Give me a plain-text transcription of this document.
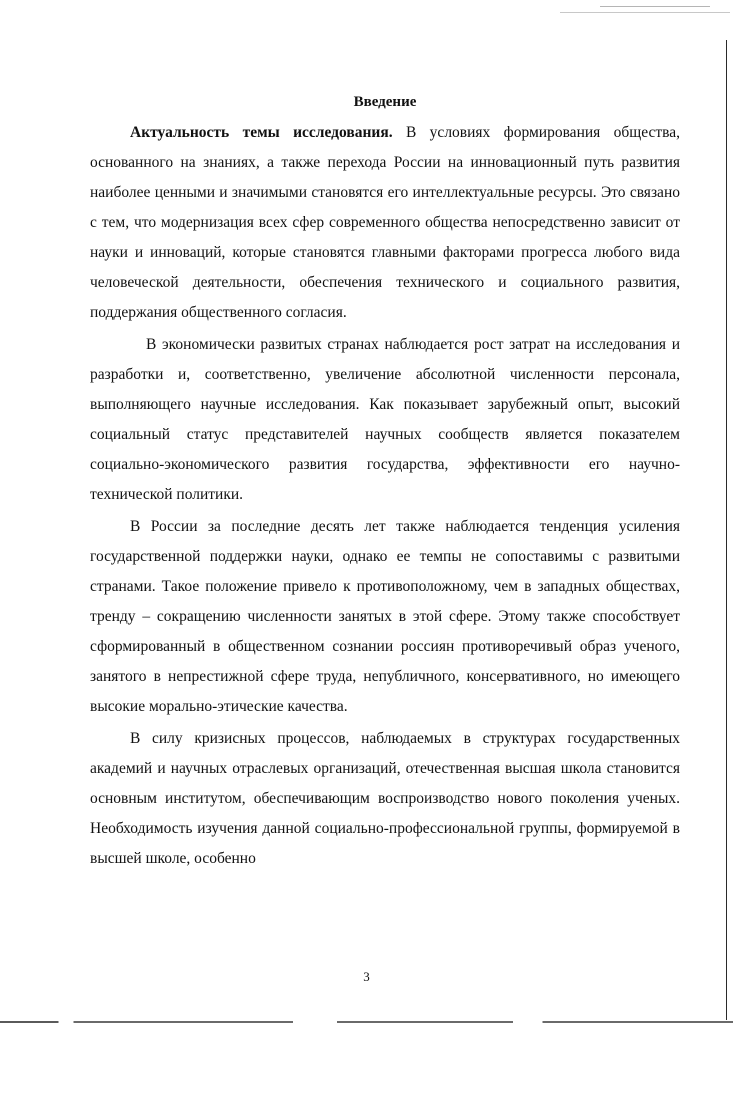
Введение

Актуальность темы исследования. В условиях формирования общества, основанного на знаниях, а также перехода России на инновационный путь развития наиболее ценными и значимыми становятся его интеллектуальные ресурсы. Это связано с тем, что модернизация всех сфер современного общества непосредственно зависит от науки и инноваций, которые становятся главными факторами прогресса любого вида человеческой деятельности, обеспечения технического и социального развития, поддержания общественного согласия.

В экономически развитых странах наблюдается рост затрат на исследования и разработки и, соответственно, увеличение абсолютной численности персонала, выполняющего научные исследования. Как показывает зарубежный опыт, высокий социальный статус представителей научных сообществ является показателем социально-экономического развития государства, эффективности его научно-технической политики.

В России за последние десять лет также наблюдается тенденция усиления государственной поддержки науки, однако ее темпы не сопоставимы с развитыми странами. Такое положение привело к противоположному, чем в западных обществах, тренду – сокращению численности занятых в этой сфере. Этому также способствует сформированный в общественном сознании россиян противоречивый образ ученого, занятого в непрестижной сфере труда, непубличного, консервативного, но имеющего высокие морально-этические качества.

В силу кризисных процессов, наблюдаемых в структурах государственных академий и научных отраслевых организаций, отечественная высшая школа становится основным институтом, обеспечивающим воспроизводство нового поколения ученых. Необходимость изучения данной социально-профессиональной группы, формируемой в высшей школе, особенно

3
